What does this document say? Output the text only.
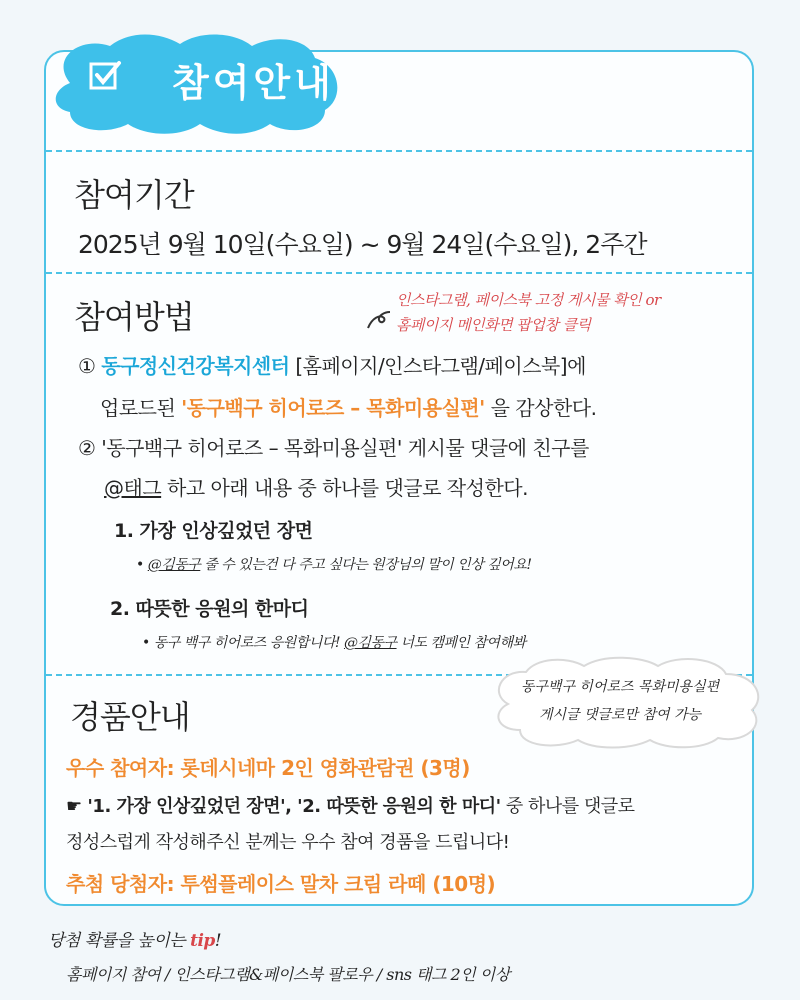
참여안내
참여기간
2025년 9월 10일(수요일) ~ 9월 24일(수요일), 2주간
참여방법	인스타그램, 페이스북 고정 게시물 확인 or
홈페이지 메인화면 팝업창 클릭
① 동구정신건강복지센터 [홈페이지/인스타그램/페이스북]에
업로드된 '동구백구 히어로즈 – 목화미용실편' 을 감상한다.
② '동구백구 히어로즈 – 목화미용실편' 게시물 댓글에 친구를
@태그 하고 아래 내용 중 하나를 댓글로 작성한다.
1. 가장 인상깊었던 장면
• @김동구 줄 수 있는건 다 주고 싶다는 원장님의 말이 인상 깊어요!
2. 따뜻한 응원의 한마디
• 동구 백구 히어로즈 응원합니다! @김동구 너도 캠페인 참여해봐
경품안내
동구백구 히어로즈 목화미용실편
게시글 댓글로만 참여 가능
우수 참여자: 롯데시네마 2인 영화관람권 (3명)
☛ '1. 가장 인상깊었던 장면', '2. 따뜻한 응원의 한 마디' 중 하나를 댓글로
정성스럽게 작성해주신 분께는 우수 참여 경품을 드립니다!
추첨 당첨자: 투썸플레이스 말차 크림 라떼 (10명)
당첨 확률을 높이는 tip!
홈페이지 참여 / 인스타그램&페이스북 팔로우 / sns 태그 2인 이상
